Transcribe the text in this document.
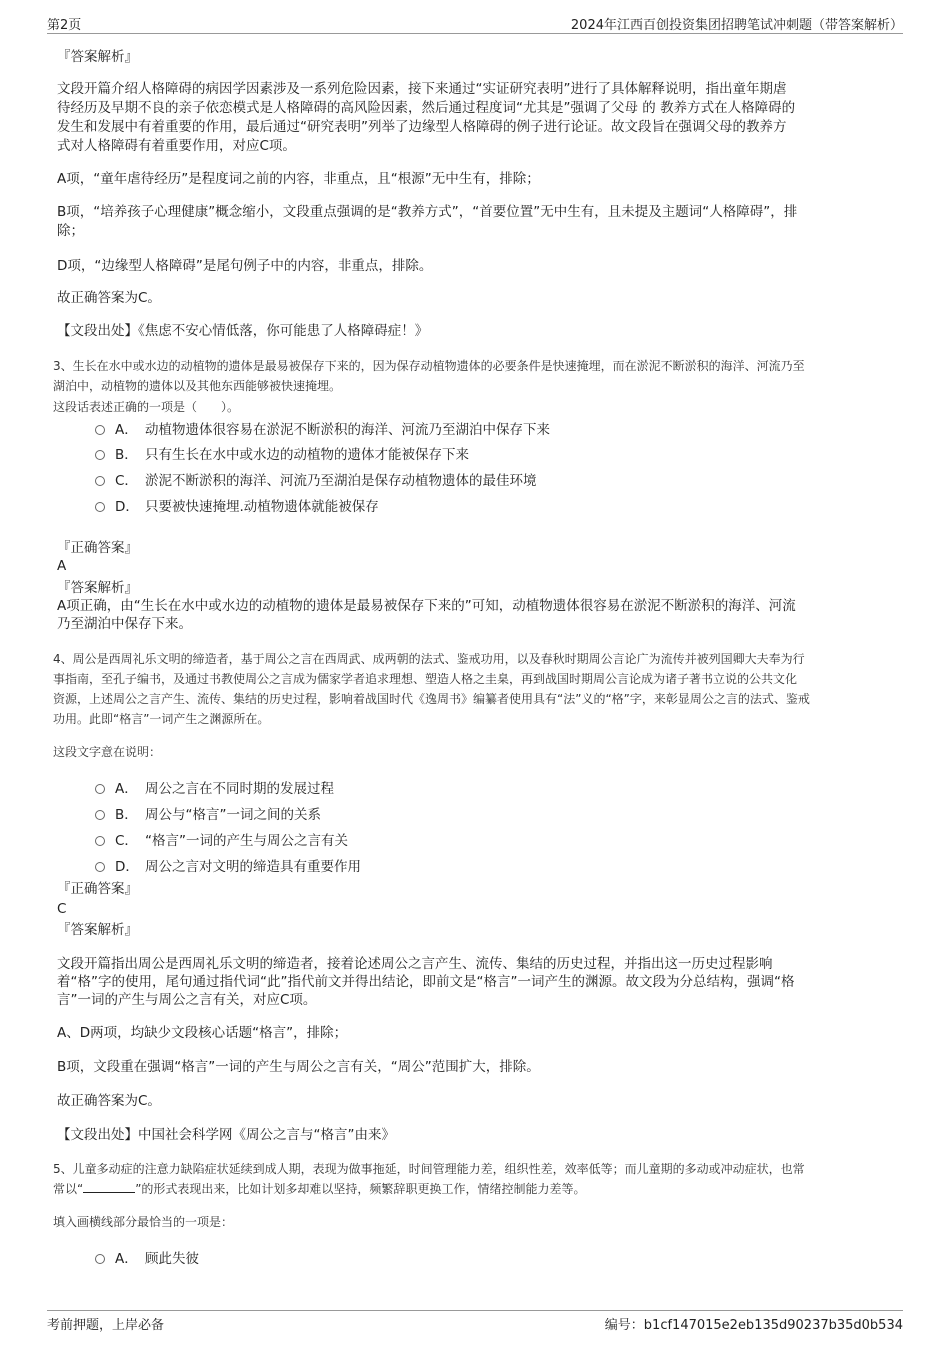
第2页	2024年江西百创投资集团招聘笔试冲刺题（带答案解析）

『答案解析』

文段开篇介绍人格障碍的病因学因素涉及一系列危险因素，接下来通过“实证研究表明”进行了具体解释说明，指出童年期虐

待经历及早期不良的亲子依恋模式是人格障碍的高风险因素，然后通过程度词“尤其是”强调了父母 的 教养方式在人格障碍的

发生和发展中有着重要的作用，最后通过“研究表明”列举了边缘型人格障碍的例子进行论证。故文段旨在强调父母的教养方

式对人格障碍有着重要作用，对应C项。

A项，“童年虐待经历”是程度词之前的内容，非重点，且“根源”无中生有，排除；

B项，“培养孩子心理健康”概念缩小，文段重点强调的是“教养方式”，“首要位置”无中生有，且未提及主题词“人格障碍”，排

除；

D项，“边缘型人格障碍”是尾句例子中的内容，非重点，排除。

故正确答案为C。

【文段出处】《焦虑不安心情低落，你可能患了人格障碍症！》

3、生长在水中或水边的动植物的遗体是最易被保存下来的，因为保存动植物遗体的必要条件是快速掩埋，而在淤泥不断淤积的海洋、河流乃至

湖泊中，动植物的遗体以及其他东西能够被快速掩埋。

这段话表述正确的一项是（　　）。

A． 动植物遗体很容易在淤泥不断淤积的海洋、河流乃至湖泊中保存下来
B． 只有生长在水中或水边的动植物的遗体才能被保存下来
C． 淤泥不断淤积的海洋、河流乃至湖泊是保存动植物遗体的最佳环境
D． 只要被快速掩埋.动植物遗体就能被保存

『正确答案』

A

『答案解析』

A项正确，由“生长在水中或水边的动植物的遗体是最易被保存下来的”可知，动植物遗体很容易在淤泥不断淤积的海洋、河流

乃至湖泊中保存下来。

4、周公是西周礼乐文明的缔造者，基于周公之言在西周武、成两朝的法式、鉴戒功用，以及春秋时期周公言论广为流传并被列国卿大夫奉为行

事指南，至孔子编书，及通过书教使周公之言成为儒家学者追求理想、塑造人格之圭臬，再到战国时期周公言论成为诸子著书立说的公共文化

资源，上述周公之言产生、流传、集结的历史过程，影响着战国时代《逸周书》编纂者使用具有“法”义的“格”字，来彰显周公之言的法式、鉴戒

功用。此即“格言”一词产生之渊源所在。

这段文字意在说明：

A． 周公之言在不同时期的发展过程
B． 周公与“格言”一词之间的关系
C． “格言”一词的产生与周公之言有关
D． 周公之言对文明的缔造具有重要作用

『正确答案』

C

『答案解析』

文段开篇指出周公是西周礼乐文明的缔造者，接着论述周公之言产生、流传、集结的历史过程，并指出这一历史过程影响

着“格”字的使用，尾句通过指代词“此”指代前文并得出结论，即前文是“格言”一词产生的渊源。故文段为分总结构，强调“格

言”一词的产生与周公之言有关，对应C项。

A、D两项，均缺少文段核心话题“格言”，排除；

B项，文段重在强调“格言”一词的产生与周公之言有关，“周公”范围扩大，排除。

故正确答案为C。

【文段出处】中国社会科学网《周公之言与“格言”由来》

5、儿童多动症的注意力缺陷症状延续到成人期，表现为做事拖延，时间管理能力差，组织性差，效率低等；而儿童期的多动或冲动症状，也常

常以“	”的形式表现出来，比如计划多却难以坚持，频繁辞职更换工作，情绪控制能力差等。

填入画横线部分最恰当的一项是：

A． 顾此失彼
考前押题，上岸必备	编号：b1cf147015e2eb135d90237b35d0b534
